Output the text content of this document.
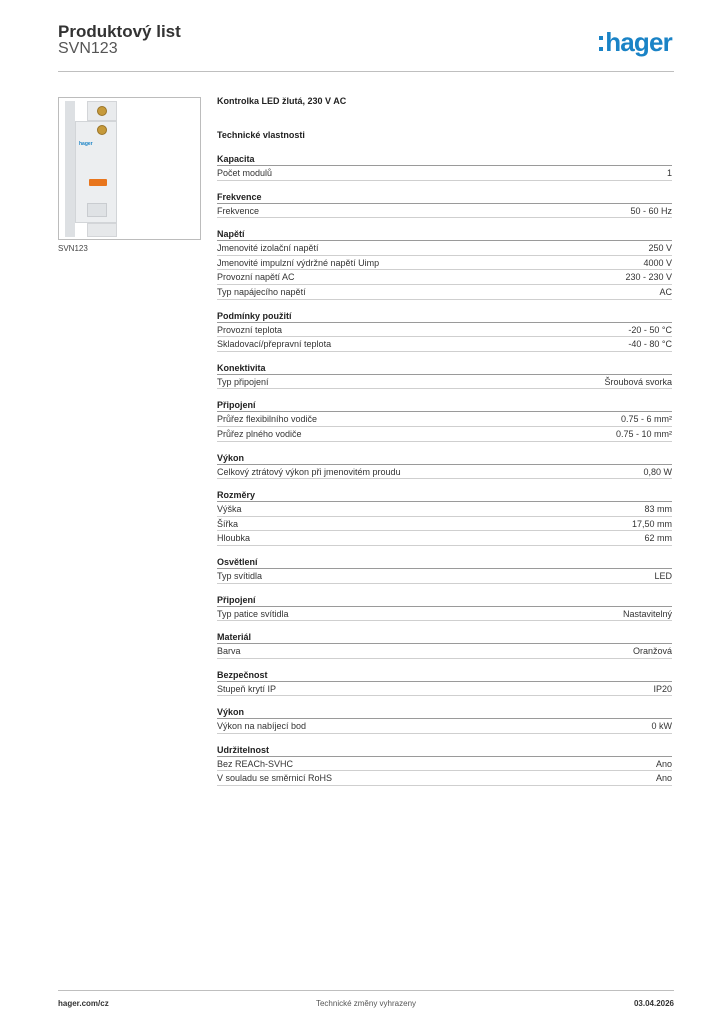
Produktový list
SVN123	hager
hager
SVN123
Kontrolka LED žlutá, 230 V AC
Technické vlastnosti
Kapacita
Počet modulů	1
Frekvence
Frekvence	50 - 60 Hz
Napětí
Jmenovité izolační napětí	250 V
Jmenovité impulzní výdržné napětí Uimp	4000 V
Provozní napětí AC	230 - 230 V
Typ napájecího napětí	AC
Podmínky použití
Provozní teplota	-20 - 50 °C
Skladovací/přepravní teplota	-40 - 80 °C
Konektivita
Typ připojení	Šroubová svorka
Připojení
Průřez flexibilního vodiče	0.75 - 6 mm²
Průřez plného vodiče	0.75 - 10 mm²
Výkon
Celkový ztrátový výkon při jmenovitém proudu	0,80 W
Rozměry
Výška	83 mm
Šířka	17,50 mm
Hloubka	62 mm
Osvětlení
Typ svítidla	LED
Připojení
Typ patice svítidla	Nastavitelný
Materiál
Barva	Oranžová
Bezpečnost
Stupeň krytí IP	IP20
Výkon
Výkon na nabíjecí bod	0 kW
Udržitelnost
Bez REACh-SVHC	Ano
V souladu se směrnicí RoHS	Ano
hager.com/cz	Technické změny vyhrazeny	03.04.2026
